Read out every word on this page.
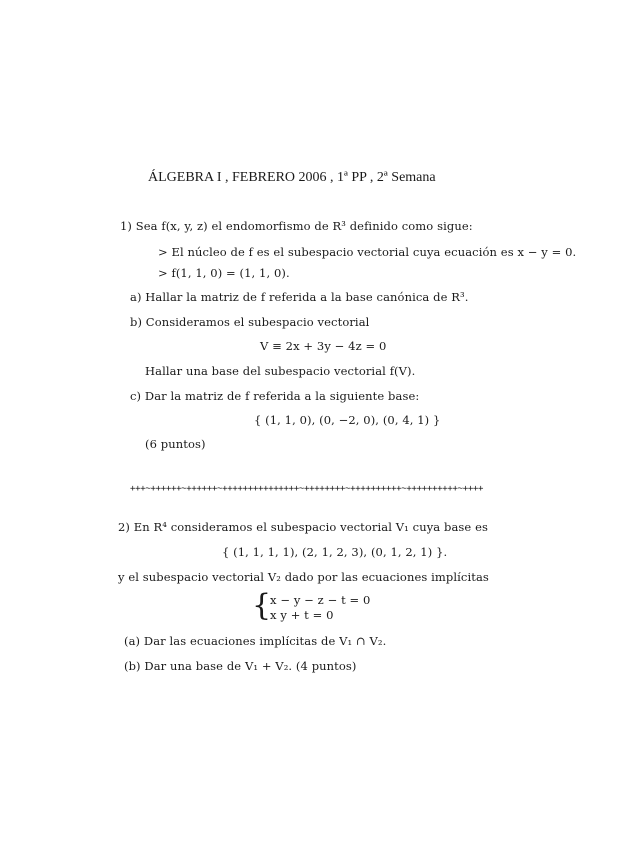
ÁLGEBRA I , FEBRERO 2006 , 1ª PP , 2ª Semana
1) Sea f(x, y, z) el endomorfismo de R³ definido como sigue:
> El núcleo de f es el subespacio vectorial cuya ecuación es x − y = 0.
> f(1, 1, 0) = (1, 1, 0).
a) Hallar la matriz de f referida a la base canónica de R³.
b) Consideramos el subespacio vectorial
V ≡ 2x + 3y − 4z = 0
Hallar una base del subespacio vectorial f(V).
c) Dar la matriz de f referida a la siguiente base:
{ (1, 1, 0), (0, −2, 0), (0, 4, 1) }
(6 puntos)
+++~++++++~++++++~+++++++++++++++~++++++++~++++++++++~++++++++++~++++
2) En R⁴ consideramos el subespacio vectorial V₁ cuya base es
{ (1, 1, 1, 1), (2, 1, 2, 3), (0, 1, 2, 1) }.
y el subespacio vectorial V₂ dado por las ecuaciones implícitas
{
x − y − z − t = 0
x y + t = 0
(a) Dar las ecuaciones implícitas de V₁ ∩ V₂.
(b) Dar una base de V₁ + V₂. (4 puntos)
